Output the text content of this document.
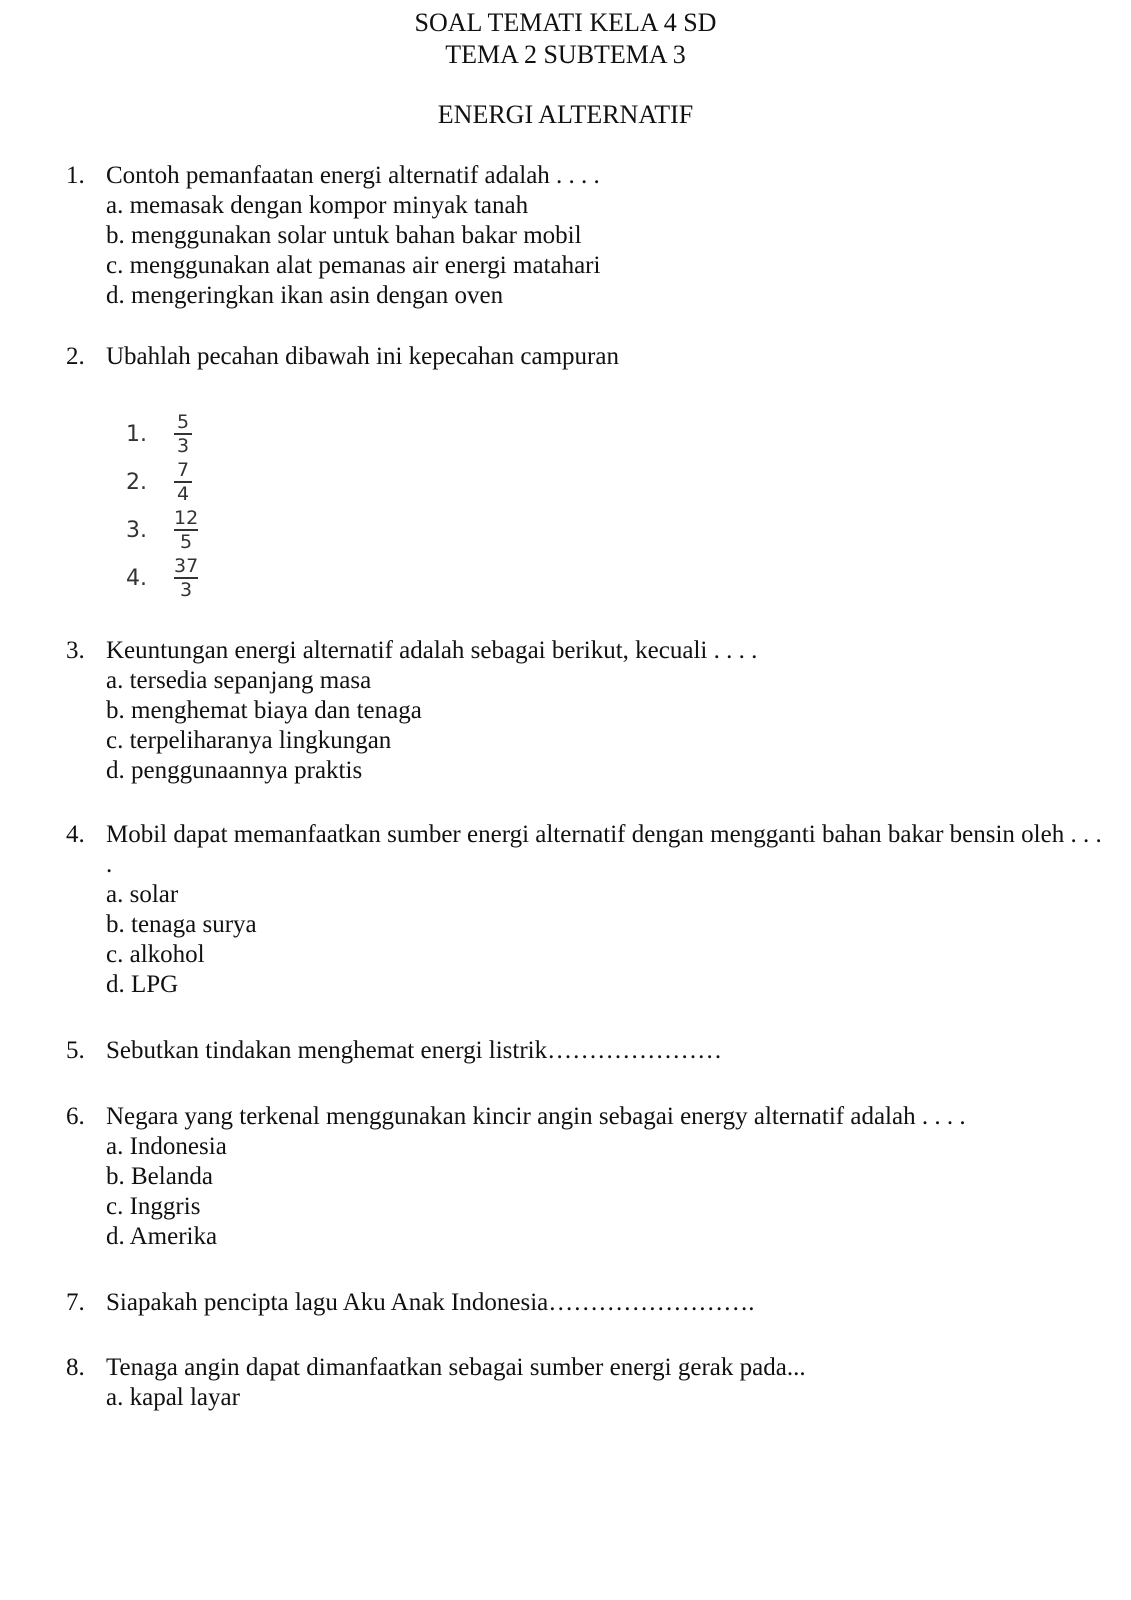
SOAL TEMATI KELA 4 SD
TEMA 2 SUBTEMA 3
ENERGI ALTERNATIF
1. Contoh pemanfaatan energi alternatif adalah . . . .
a. memasak dengan kompor minyak tanah
b. menggunakan solar untuk bahan bakar mobil
c. menggunakan alat pemanas air energi matahari
d. mengeringkan ikan asin dengan oven
2. Ubahlah pecahan dibawah ini kepecahan campuran
1.	$\frac{5}{3}$
2.	$\frac{7}{4}$
3.	$\frac{12}{5}$
4.	$\frac{37}{3}$
3. Keuntungan energi alternatif adalah sebagai berikut, kecuali . . . .
a. tersedia sepanjang masa
b. menghemat biaya dan tenaga
c. terpeliharanya lingkungan
d. penggunaannya praktis
4. Mobil dapat memanfaatkan sumber energi alternatif dengan mengganti bahan bakar bensin oleh . . . .
a. solar
b. tenaga surya
c. alkohol
d. LPG
5. Sebutkan tindakan menghemat energi listrik…………………
6. Negara yang terkenal menggunakan kincir angin sebagai energy alternatif adalah . . . .
a. Indonesia
b. Belanda
c. Inggris
d. Amerika
7. Siapakah pencipta lagu Aku Anak Indonesia…………………….
8. Tenaga angin dapat dimanfaatkan sebagai sumber energi gerak pada...
a. kapal layar
